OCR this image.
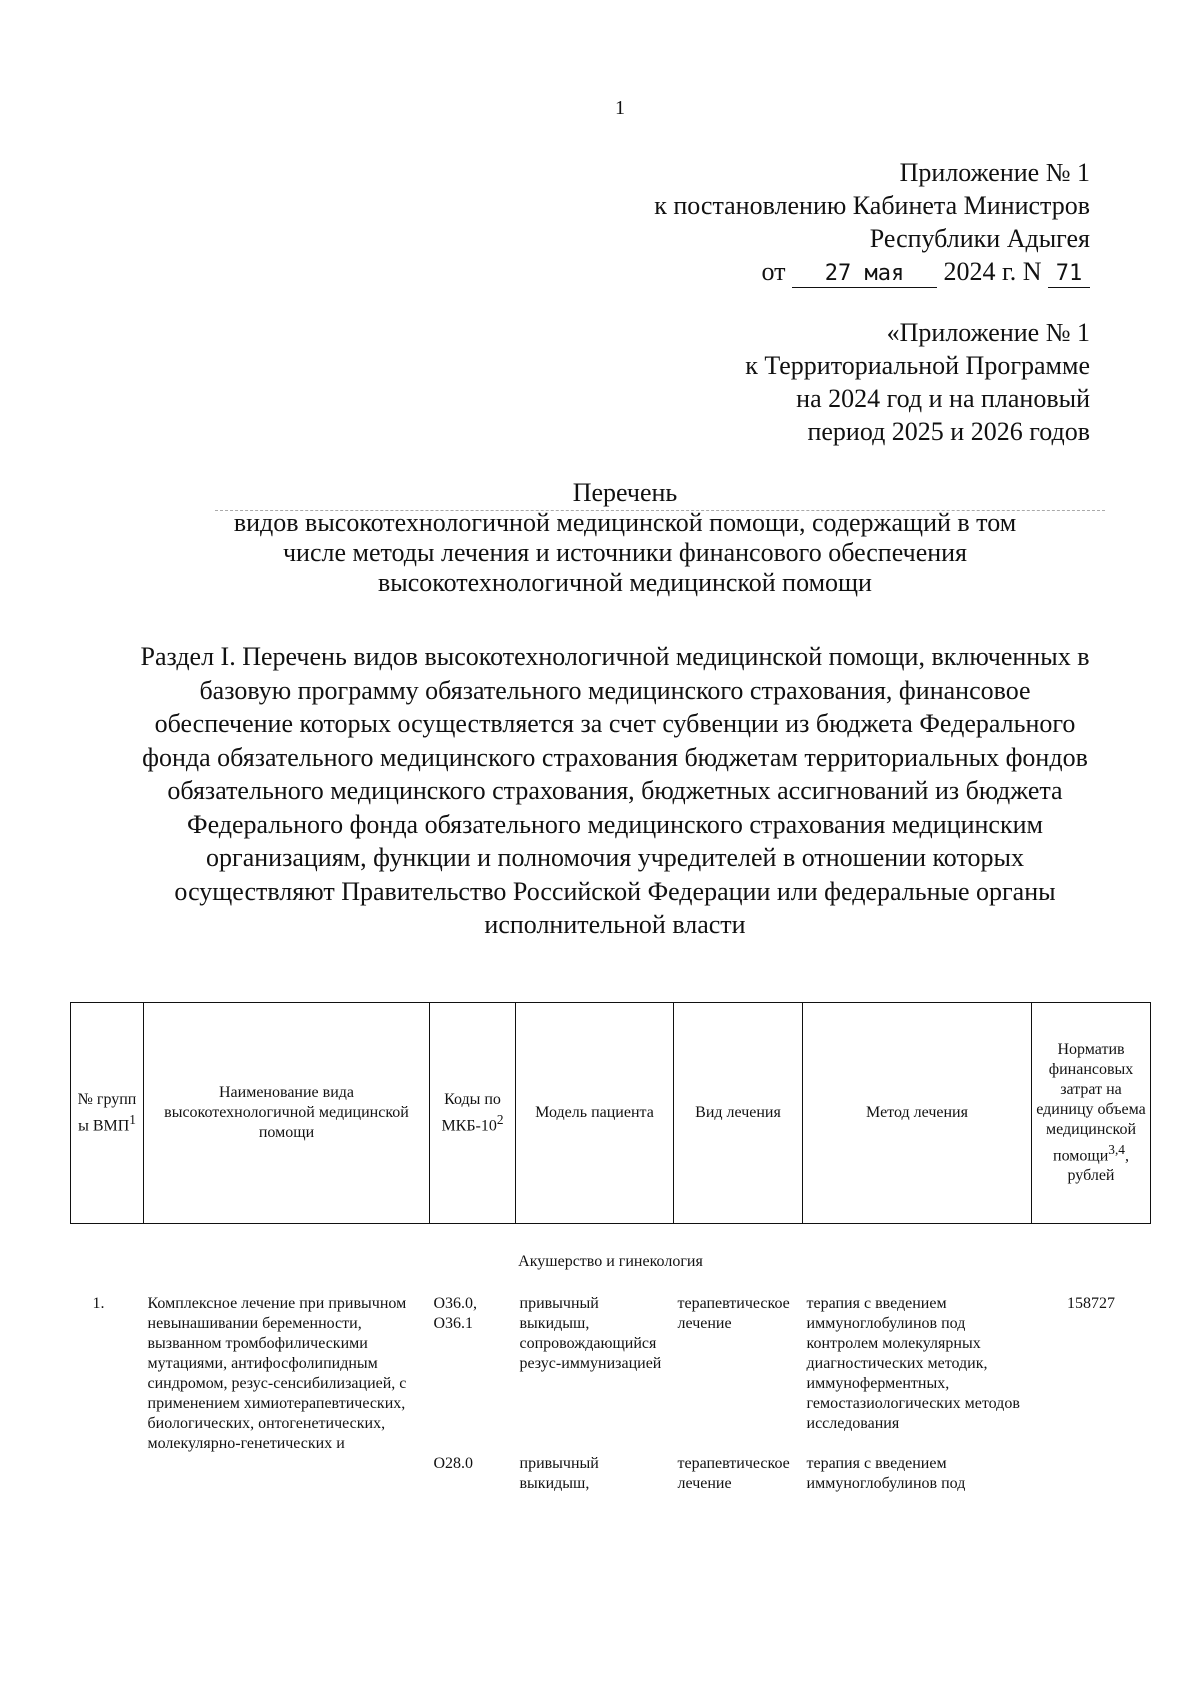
1
Приложение № 1
к постановлению Кабинета Министров
Республики Адыгея
от 27 мая 2024 г. N 71
«Приложение № 1
к Территориальной Программе
на 2024 год и на плановый
период 2025 и 2026 годов
Перечень
видов высокотехнологичной медицинской помощи, содержащий в том
числе методы лечения и источники финансового обеспечения
высокотехнологичной медицинской помощи
Раздел I. Перечень видов высокотехнологичной медицинской помощи, включенных в базовую программу обязательного медицинского страхования, финансовое обеспечение которых осуществляется за счет субвенции из бюджета Федерального фонда обязательного медицинского страхования бюджетам территориальных фондов обязательного медицинского страхования, бюджетных ассигнований из бюджета Федерального фонда обязательного медицинского страхования медицинским организациям, функции и полномочия учредителей в отношении которых осуществляют Правительство Российской Федерации или федеральные органы исполнительной власти
№ групп ы ВМП$^1$	Наименование вида высокотехнологичной медицинской помощи	Коды по МКБ-$10^2$	Модель пациента	Вид лечения	Метод лечения	Норматив финансовых затрат на единицу объема медицинской помощи$^{3,4}$, рублей
Акушерство и гинекология						
1.	Комплексное лечение при привычном невынашивании беременности, вызванном тромбофилическими мутациями, антифосфолипидным синдромом, резус-сенсибилизацией, с применением химиотерапевтических, биологических, онтогенетических, молекулярно-генетических и	O36.0, O36.1	привычный выкидыш, сопровождающийся резус-иммунизацией	терапевтическое лечение	терапия с введением иммуноглобулинов под контролем молекулярных диагностических методик, иммуноферментных, гемостазиологических методов исследования	158727
		O28.0	привычный выкидыш,	терапевтическое лечение	терапия с введением иммуноглобулинов под	
